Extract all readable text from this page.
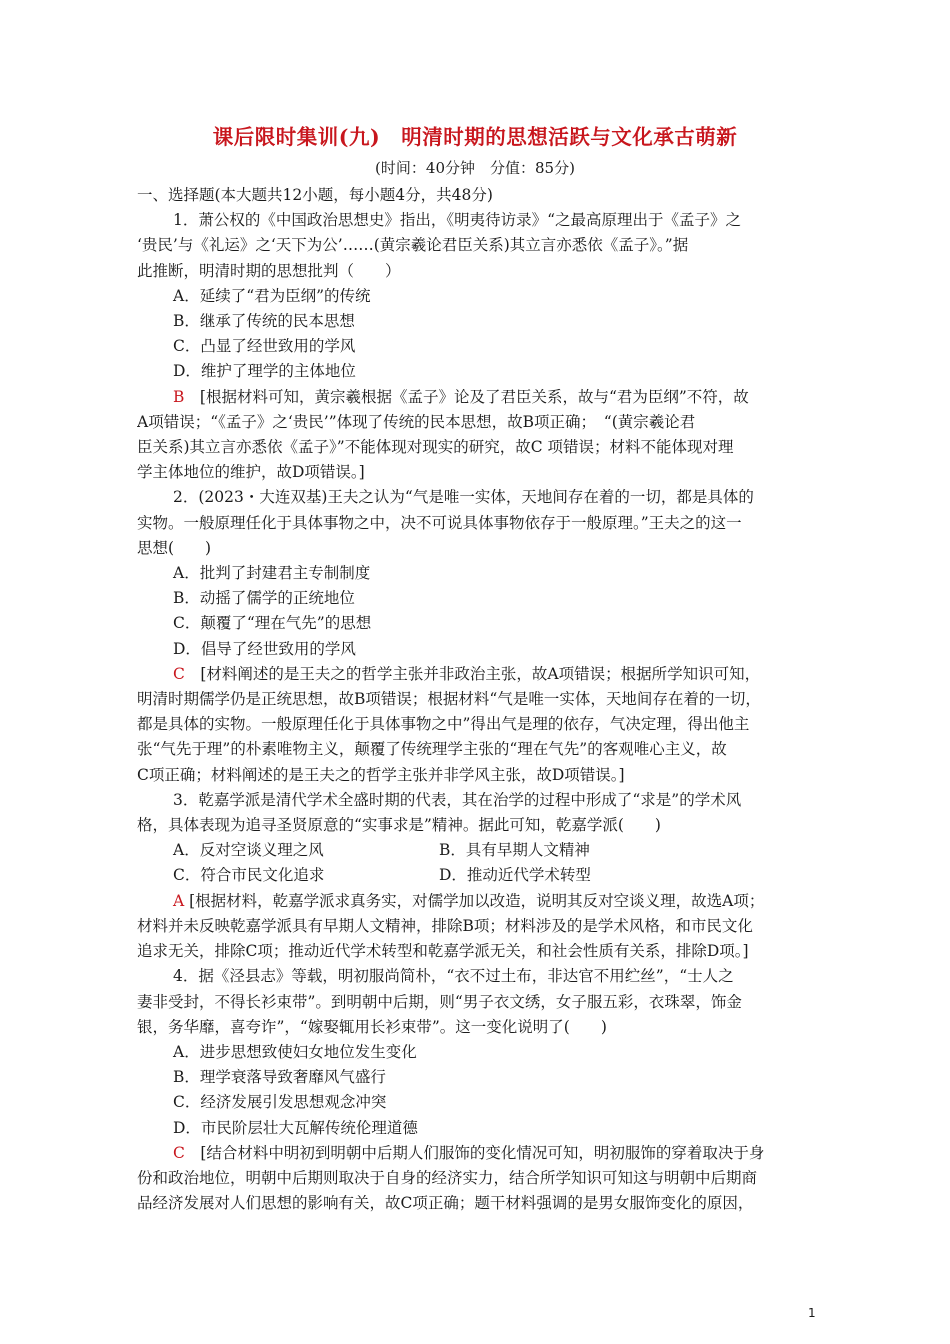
课后限时集训(九)　明清时期的思想活跃与文化承古萌新
(时间：40分钟　分值：85分)
一、选择题(本大题共12小题，每小题4分，共48分)
1．萧公权的《中国政治思想史》指出，《明夷待访录》“之最高原理出于《孟子》之
‘贵民’与《礼运》之‘天下为公’……(黄宗羲论君臣关系)其立言亦悉依《孟子》。”据
此推断，明清时期的思想批判（　　）
A．延续了“君为臣纲”的传统
B．继承了传统的民本思想
C．凸显了经世致用的学风
D．维护了理学的主体地位
B　[根据材料可知，黄宗羲根据《孟子》论及了君臣关系，故与“君为臣纲”不符，故
A项错误；“《孟子》之‘贵民’”体现了传统的民本思想，故B项正确；　“(黄宗羲论君
臣关系)其立言亦悉依《孟子》”不能体现对现实的研究，故C 项错误；材料不能体现对理
学主体地位的维护，故D项错误。]
2．(2023・大连双基)王夫之认为“气是唯一实体，天地间存在着的一切，都是具体的
实物。一般原理任化于具体事物之中，决不可说具体事物依存于一般原理。”王夫之的这一
思想(　　)
A．批判了封建君主专制制度
B．动摇了儒学的正统地位
C．颠覆了“理在气先”的思想
D．倡导了经世致用的学风
C　[材料阐述的是王夫之的哲学主张并非政治主张，故A项错误；根据所学知识可知，
明清时期儒学仍是正统思想，故B项错误；根据材料“气是唯一实体，天地间存在着的一切，
都是具体的实物。一般原理任化于具体事物之中”得出气是理的依存，气决定理，得出他主
张“气先于理”的朴素唯物主义，颠覆了传统理学主张的“理在气先”的客观唯心主义，故
C项正确；材料阐述的是王夫之的哲学主张并非学风主张，故D项错误。]
3．乾嘉学派是清代学术全盛时期的代表，其在治学的过程中形成了“求是”的学术风
格，具体表现为追寻圣贤原意的“实事求是”精神。据此可知，乾嘉学派(　　)
A．反对空谈义理之风	B．具有早期人文精神
C．符合市民文化追求	D．推动近代学术转型
A [根据材料，乾嘉学派求真务实，对儒学加以改造，说明其反对空谈义理，故选A项；
材料并未反映乾嘉学派具有早期人文精神，排除B项；材料涉及的是学术风格，和市民文化
追求无关，排除C项；推动近代学术转型和乾嘉学派无关，和社会性质有关系，排除D项。]
4．据《泾县志》等载，明初服尚简朴，“衣不过土布，非达官不用纻丝”，“士人之
妻非受封，不得长衫束带”。到明朝中后期，则“男子衣文绣，女子服五彩，衣珠翠，饰金
银，务华靡，喜夸诈”，“嫁娶辄用长衫束带”。这一变化说明了(　　)
A．进步思想致使妇女地位发生变化
B．理学衰落导致奢靡风气盛行
C．经济发展引发思想观念冲突
D．市民阶层壮大瓦解传统伦理道德
C　[结合材料中明初到明朝中后期人们服饰的变化情况可知，明初服饰的穿着取决于身
份和政治地位，明朝中后期则取决于自身的经济实力，结合所学知识可知这与明朝中后期商
品经济发展对人们思想的影响有关，故C项正确；题干材料强调的是男女服饰变化的原因，
1
